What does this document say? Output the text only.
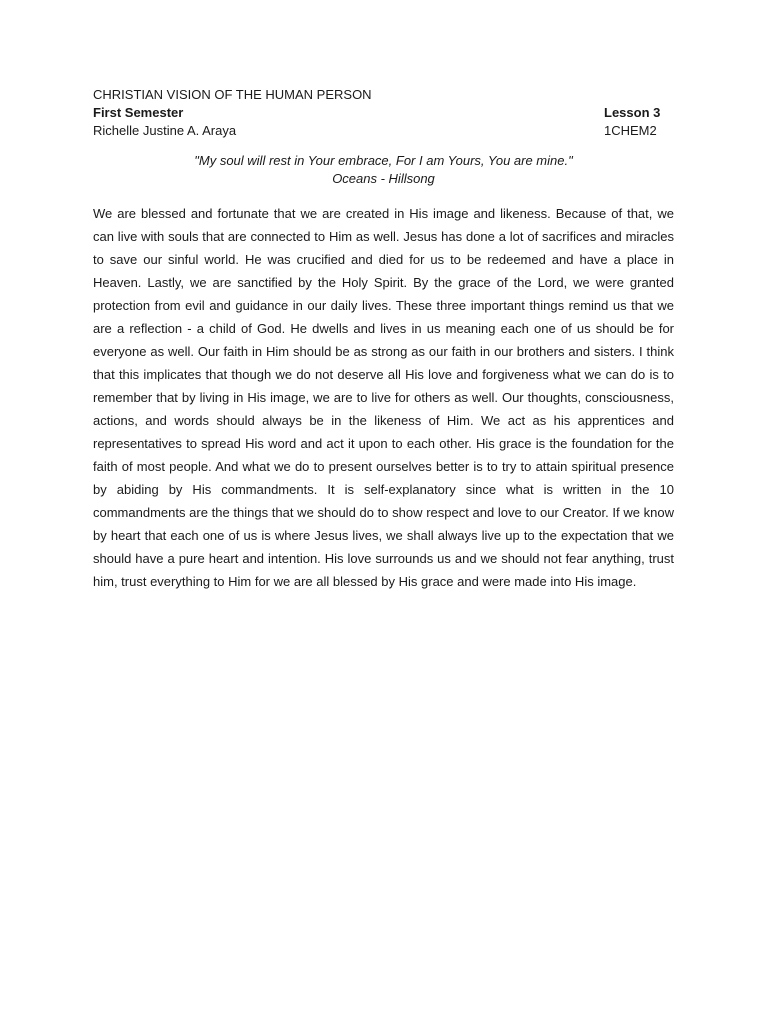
CHRISTIAN VISION OF THE HUMAN PERSON
First Semester	Lesson 3
Richelle Justine A. Araya	1CHEM2
"My soul will rest in Your embrace, For I am Yours, You are mine."
Oceans - Hillsong
We are blessed and fortunate that we are created in His image and likeness. Because of that, we can live with souls that are connected to Him as well. Jesus has done a lot of sacrifices and miracles to save our sinful world. He was crucified and died for us to be redeemed and have a place in Heaven. Lastly, we are sanctified by the Holy Spirit. By the grace of the Lord, we were granted protection from evil and guidance in our daily lives. These three important things remind us that we are a reflection - a child of God. He dwells and lives in us meaning each one of us should be for everyone as well. Our faith in Him should be as strong as our faith in our brothers and sisters. I think that this implicates that though we do not deserve all His love and forgiveness what we can do is to remember that by living in His image, we are to live for others as well. Our thoughts, consciousness, actions, and words should always be in the likeness of Him. We act as his apprentices and representatives to spread His word and act it upon to each other. His grace is the foundation for the faith of most people. And what we do to present ourselves better is to try to attain spiritual presence by abiding by His commandments. It is self-explanatory since what is written in the 10 commandments are the things that we should do to show respect and love to our Creator. If we know by heart that each one of us is where Jesus lives, we shall always live up to the expectation that we should have a pure heart and intention. His love surrounds us and we should not fear anything, trust him, trust everything to Him for we are all blessed by His grace and were made into His image.
